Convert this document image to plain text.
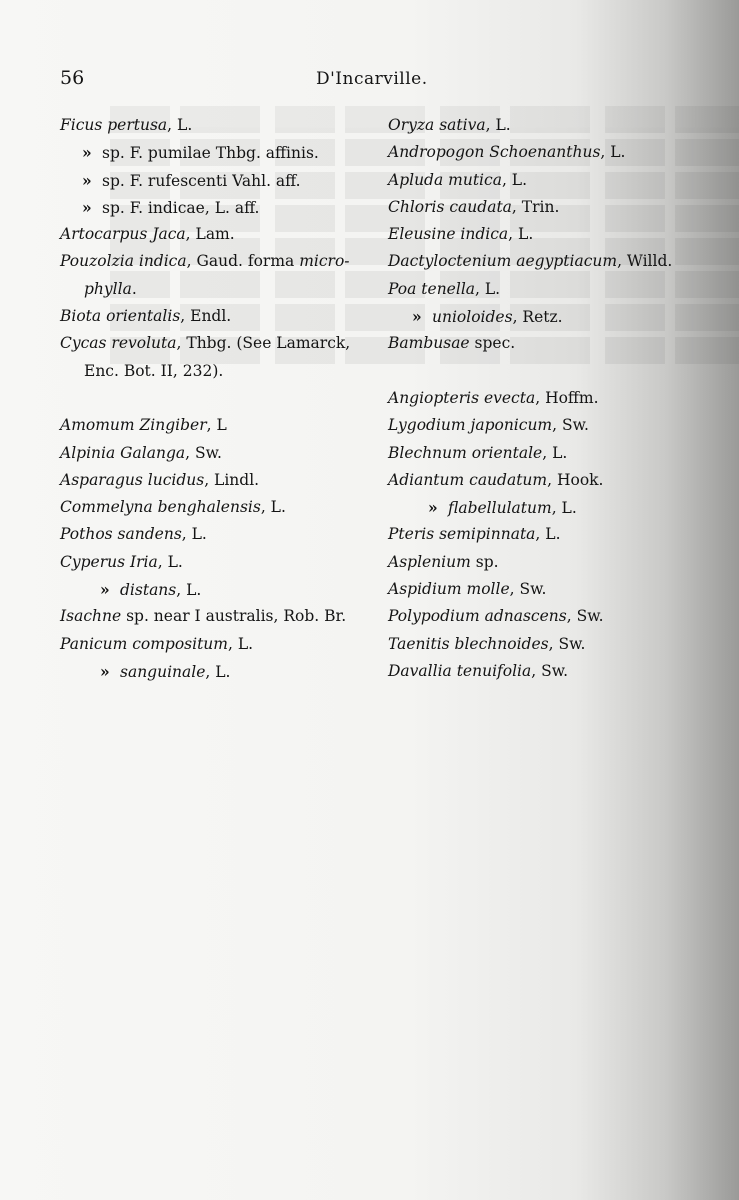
56	D'Incarville.
Ficus pertusa, L.
» sp. F. pumilae Thbg. affinis.
» sp. F. rufescenti Vahl. aff.
» sp. F. indicae, L. aff.
Artocarpus Jaca, Lam.
Pouzolzia indica, Gaud. forma micro-
phylla.
Biota orientalis, Endl.
Cycas revoluta, Thbg. (See Lamarck,
Enc. Bot. II, 232).
Amomum Zingiber, L
Alpinia Galanga, Sw.
Asparagus lucidus, Lindl.
Commelyna benghalensis, L.
Pothos sandens, L.
Cyperus Iria, L.
» distans, L.
Isachne sp. near I australis, Rob. Br.
Panicum compositum, L.
» sanguinale, L.
Oryza sativa, L.
Andropogon Schoenanthus, L.
Apluda mutica, L.
Chloris caudata, Trin.
Eleusine indica, L.
Dactyloctenium aegyptiacum, Willd.
Poa tenella, L.
» unioloides, Retz.
Bambusae spec.
Angiopteris evecta, Hoffm.
Lygodium japonicum, Sw.
Blechnum orientale, L.
Adiantum caudatum, Hook.
» flabellulatum, L.
Pteris semipinnata, L.
Asplenium sp.
Aspidium molle, Sw.
Polypodium adnascens, Sw.
Taenitis blechnoides, Sw.
Davallia tenuifolia, Sw.
